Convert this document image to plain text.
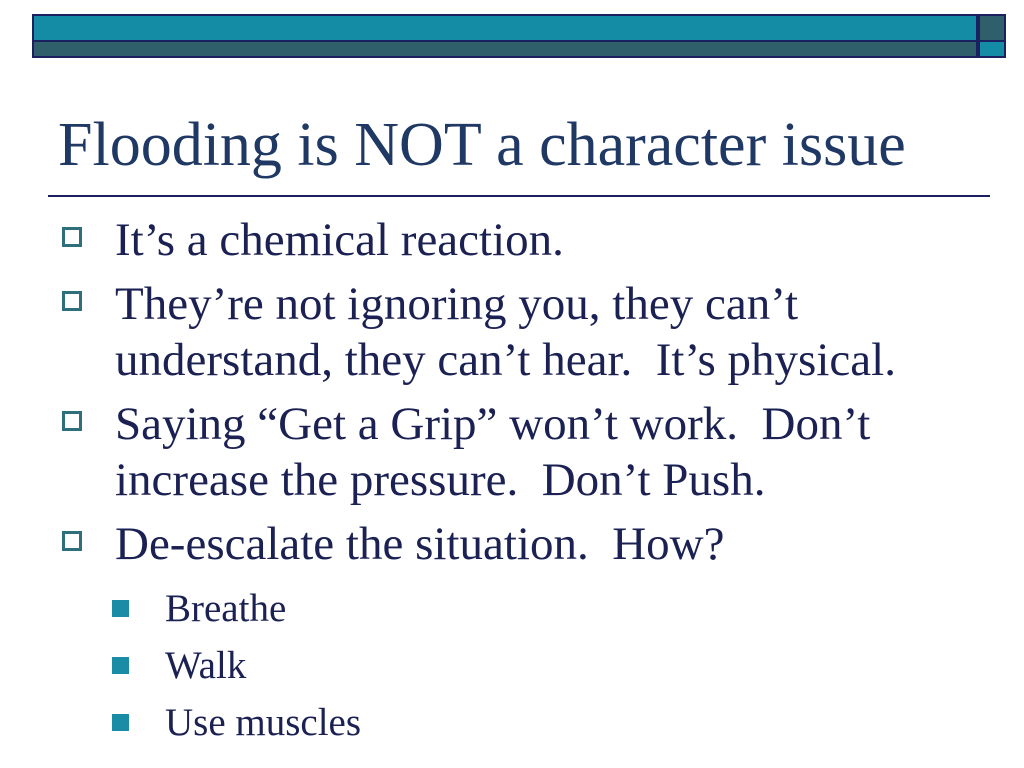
Flooding is NOT a character issue
It’s a chemical reaction.
They’re not ignoring you, they can’t understand, they can’t hear.  It’s physical.
Saying “Get a Grip” won’t work.  Don’t increase the pressure.  Don’t Push.
De-escalate the situation.  How?
Breathe
Walk
Use muscles
